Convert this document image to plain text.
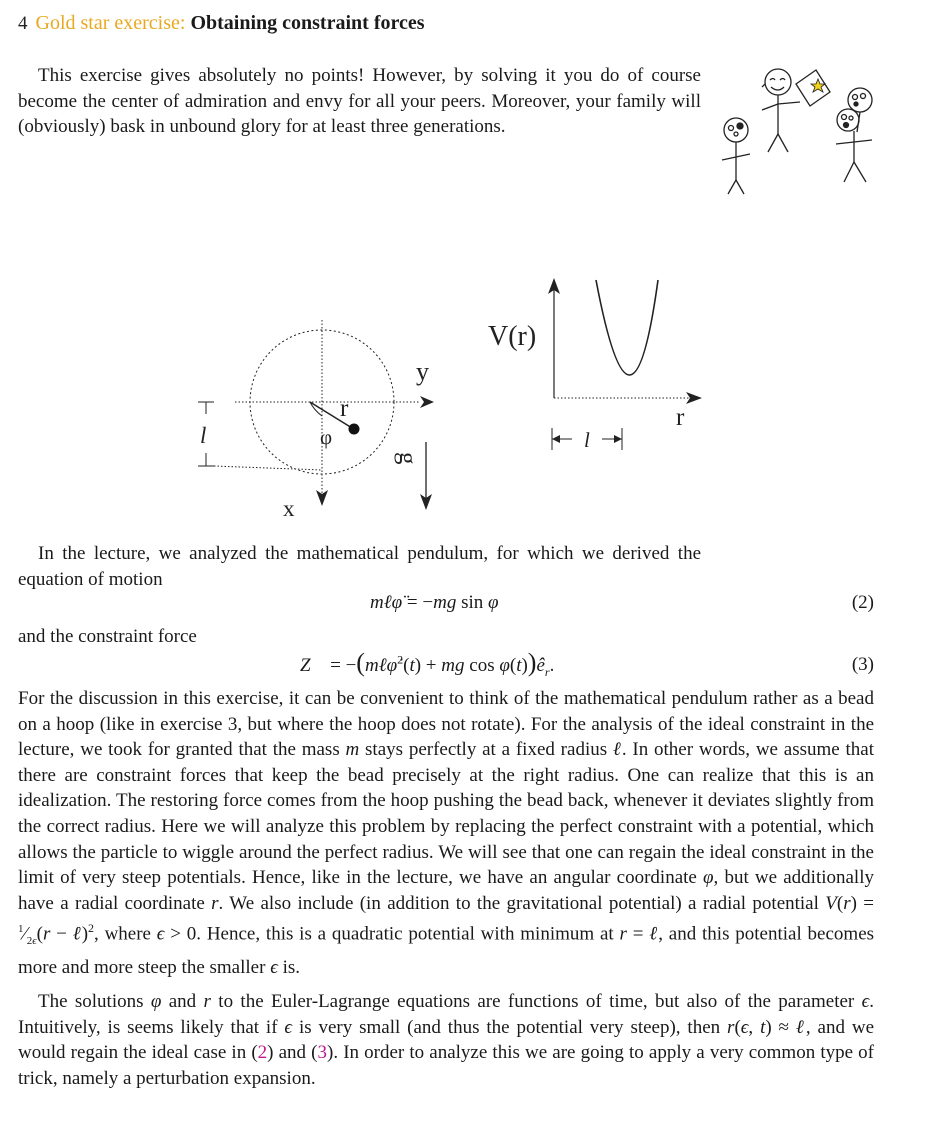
4 Gold star exercise: Obtaining constraint forces

This exercise gives absolutely no points! However, by solving it you do of course become the center of admiration and envy for all your peers. Moreover, your family will (obviously) bask in unbound glory for at least three generations.

l
r
φ
y
x
g
V(r)
r
l

In the lecture, we analyzed the mathematical pendulum, for which we derived the equation of motion

mℓφ̈ = −mg sin φ	(2)

and the constraint force

Z⃗ = −(mℓφ̇$^2$(t) + mg $\cos \varphi(t))ê_r$.	(3)

For the discussion in this exercise, it can be convenient to think of the mathematical pendulum rather as a bead on a hoop (like in exercise 3, but where the hoop does not rotate). For the analysis of the ideal constraint in the lecture, we took for granted that the mass m stays perfectly at a fixed radius ℓ. In other words, we assume that there are constraint forces that keep the bead precisely at the right radius. One can realize that this is an idealization. The restoring force comes from the hoop pushing the bead back, whenever it deviates slightly from the correct radius. Here we will analyze this problem by replacing the perfect constraint with a potential, which allows the particle to wiggle around the perfect radius. We will see that one can regain the ideal constraint in the limit of very steep potentials. Hence, like in the lecture, we have an angular coordinate φ, but we additionally have a radial coordinate r. We also include (in addition to the gravitational potential) a radial potential $V(r) = ^1⁄_{2\epsilon}(r$ − ℓ)$^2$, where ϵ > 0. Hence, this is a quadratic potential with minimum at r = ℓ, and this potential becomes more and more steep the smaller ϵ is.

The solutions φ and r to the Euler-Lagrange equations are functions of time, but also of the parameter ϵ. Intuitively, is seems likely that if ϵ is very small (and thus the potential very steep), then r(ϵ, t) ≈ ℓ, and we would regain the ideal case in (2) and (3). In order to analyze this we are going to apply a very common type of trick, namely a perturbation expansion.
